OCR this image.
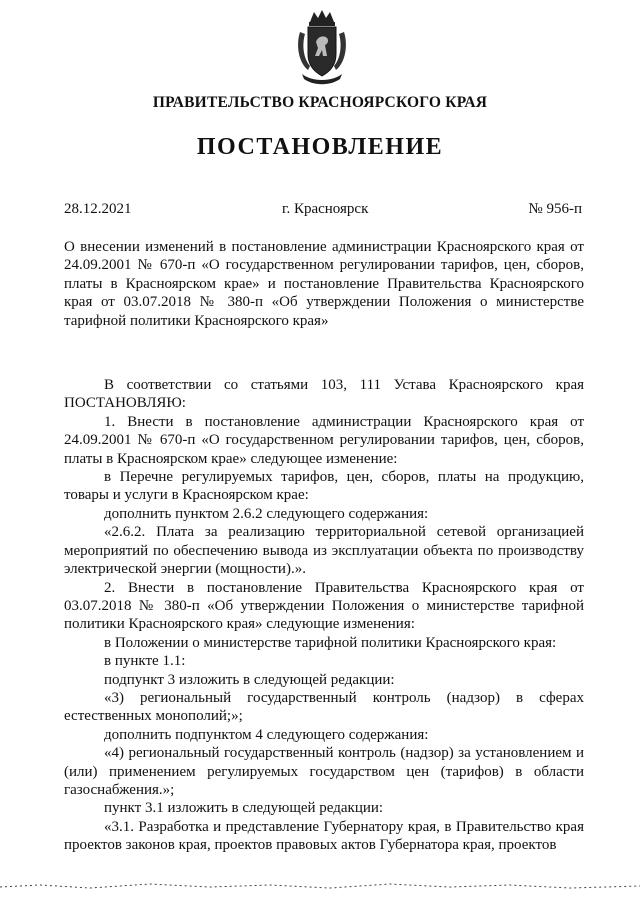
ПРАВИТЕЛЬСТВО КРАСНОЯРСКОГО КРАЯ
ПОСТАНОВЛЕНИЕ
28.12.2021	г. Красноярск	№ 956-п

О внесении изменений в постановление администрации Красноярского края от 24.09.2001 № 670-п «О государственном регулировании тарифов, цен, сборов, платы в Красноярском крае» и постановление Правительства Красноярского края от 03.07.2018 № 380-п «Об утверждении Положения о министерстве тарифной политики Красноярского края»

В соответствии со статьями 103, 111 Устава Красноярского края ПОСТАНОВЛЯЮ:

1. Внести в постановление администрации Красноярского края от 24.09.2001 № 670-п «О государственном регулировании тарифов, цен, сборов, платы в Красноярском крае» следующее изменение:

в Перечне регулируемых тарифов, цен, сборов, платы на продукцию, товары и услуги в Красноярском крае:

дополнить пунктом 2.6.2 следующего содержания:

«2.6.2. Плата за реализацию территориальной сетевой организацией мероприятий по обеспечению вывода из эксплуатации объекта по производству электрической энергии (мощности).».

2. Внести в постановление Правительства Красноярского края от 03.07.2018 № 380-п «Об утверждении Положения о министерстве тарифной политики Красноярского края» следующие изменения:

в Положении о министерстве тарифной политики Красноярского края:

в пункте 1.1:

подпункт 3 изложить в следующей редакции:

«3) региональный государственный контроль (надзор) в сферах естественных монополий;»;

дополнить подпунктом 4 следующего содержания:

«4) региональный государственный контроль (надзор) за установлением и (или) применением регулируемых государством цен (тарифов) в области газоснабжения.»;

пункт 3.1 изложить в следующей редакции:

«3.1. Разработка и представление Губернатору края, в Правительство края проектов законов края, проектов правовых актов Губернатора края, проектов
